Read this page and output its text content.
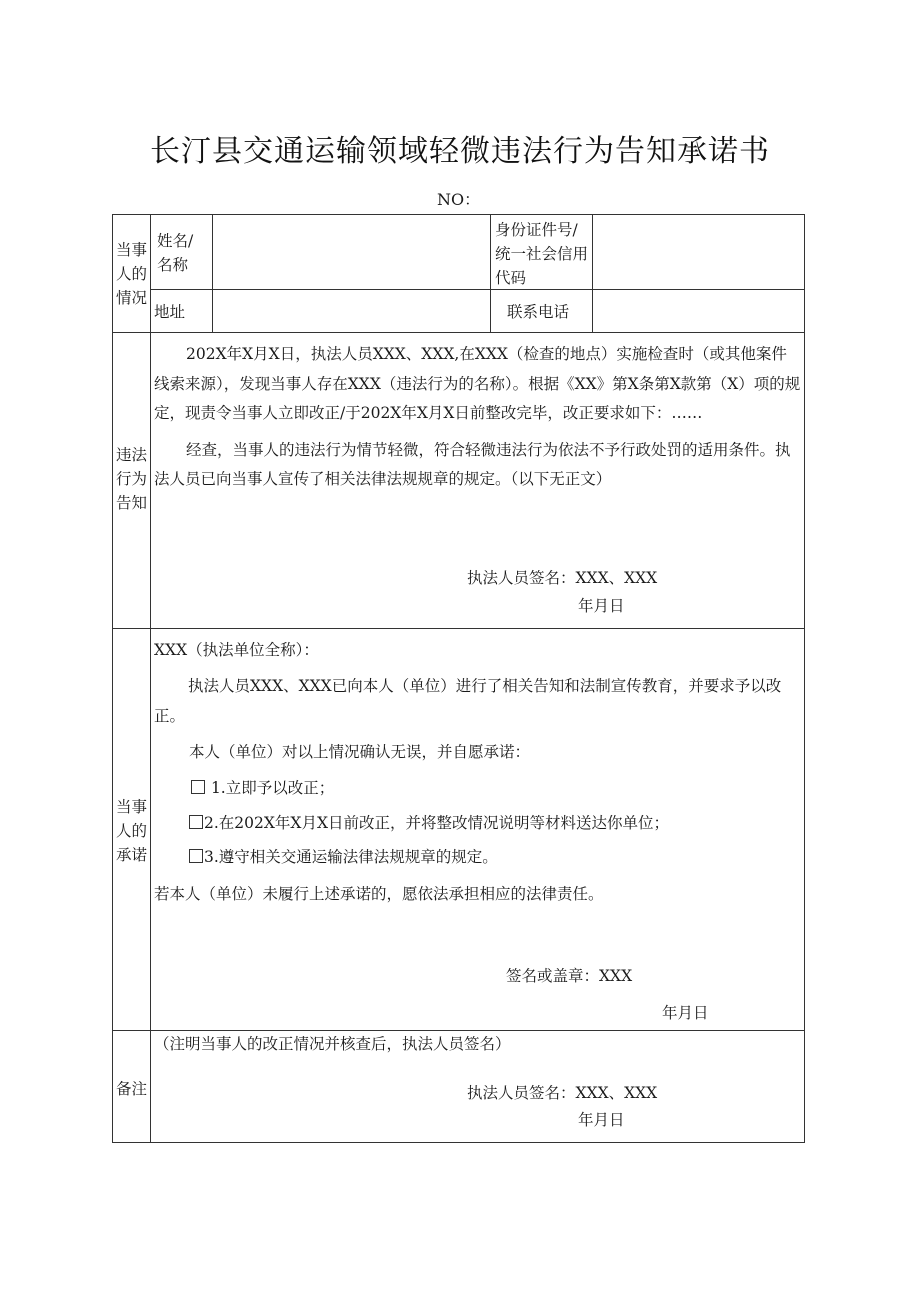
长汀县交通运输领域轻微违法行为告知承诺书
NO：
当事人的情况
姓名/名称
身份证件号/统一社会信用代码
地址	联系电话
违法行为告知

202X年X月X日，执法人员XXX、XXX,在XXX（检查的地点）实施检查时（或其他案件线索来源），发现当事人存在XXX（违法行为的名称）。根据《XX》第X条第X款第（X）项的规定，现责令当事人立即改正/于202X年X月X日前整改完毕，改正要求如下：……

经查，当事人的违法行为情节轻微，符合轻微违法行为依法不予行政处罚的适用条件。执法人员已向当事人宣传了相关法律法规规章的规定。（以下无正文）

执法人员签名：XXX、XXX
年月日
当事人的承诺
XXX（执法单位全称）：
执法人员XXX、XXX已向本人（单位）进行了相关告知和法制宣传教育，并要求予以改正。
本人（单位）对以上情况确认无误，并自愿承诺：
1.立即予以改正；
2.在202X年X月X日前改正，并将整改情况说明等材料送达你单位；
3.遵守相关交通运输法律法规规章的规定。
若本人（单位）未履行上述承诺的，愿依法承担相应的法律责任。
签名或盖章：XXX
年月日
备注
（注明当事人的改正情况并核查后，执法人员签名）
执法人员签名：XXX、XXX
年月日
